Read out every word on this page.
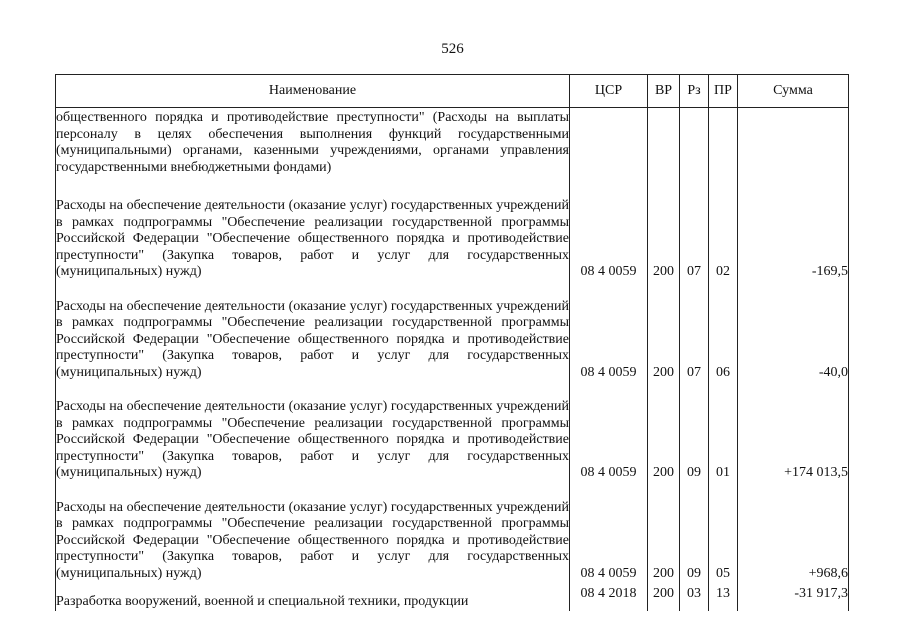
526
Наименование	ЦСР	ВР	Рз	ПР	Сумма
общественного порядка и противодействие преступности" (Расходы на выплаты персоналу в целях обеспечения выполнения функций государственными (муниципальными) органами, казенными учреждениями, органами управления государственными внебюджетными фондами)					
Расходы на обеспечение деятельности (оказание услуг) государственных учреждений в рамках подпрограммы "Обеспечение реализации государственной программы Российской Федерации "Обеспечение общественного порядка и противодействие преступности" (Закупка товаров, работ и услуг для государственных (муниципальных) нужд)	08 4 0059	200	07	02	-169,5
Расходы на обеспечение деятельности (оказание услуг) государственных учреждений в рамках подпрограммы "Обеспечение реализации государственной программы Российской Федерации "Обеспечение общественного порядка и противодействие преступности" (Закупка товаров, работ и услуг для государственных (муниципальных) нужд)	08 4 0059	200	07	06	-40,0
Расходы на обеспечение деятельности (оказание услуг) государственных учреждений в рамках подпрограммы "Обеспечение реализации государственной программы Российской Федерации "Обеспечение общественного порядка и противодействие преступности" (Закупка товаров, работ и услуг для государственных (муниципальных) нужд)	08 4 0059	200	09	01	+174 013,5
Расходы на обеспечение деятельности (оказание услуг) государственных учреждений в рамках подпрограммы "Обеспечение реализации государственной программы Российской Федерации "Обеспечение общественного порядка и противодействие преступности" (Закупка товаров, работ и услуг для государственных (муниципальных) нужд)	08 4 0059	200	09	05	+968,6
Разработка вооружений, военной и специальной техники, продукции	08 4 2018	200	03	13	-31 917,3
